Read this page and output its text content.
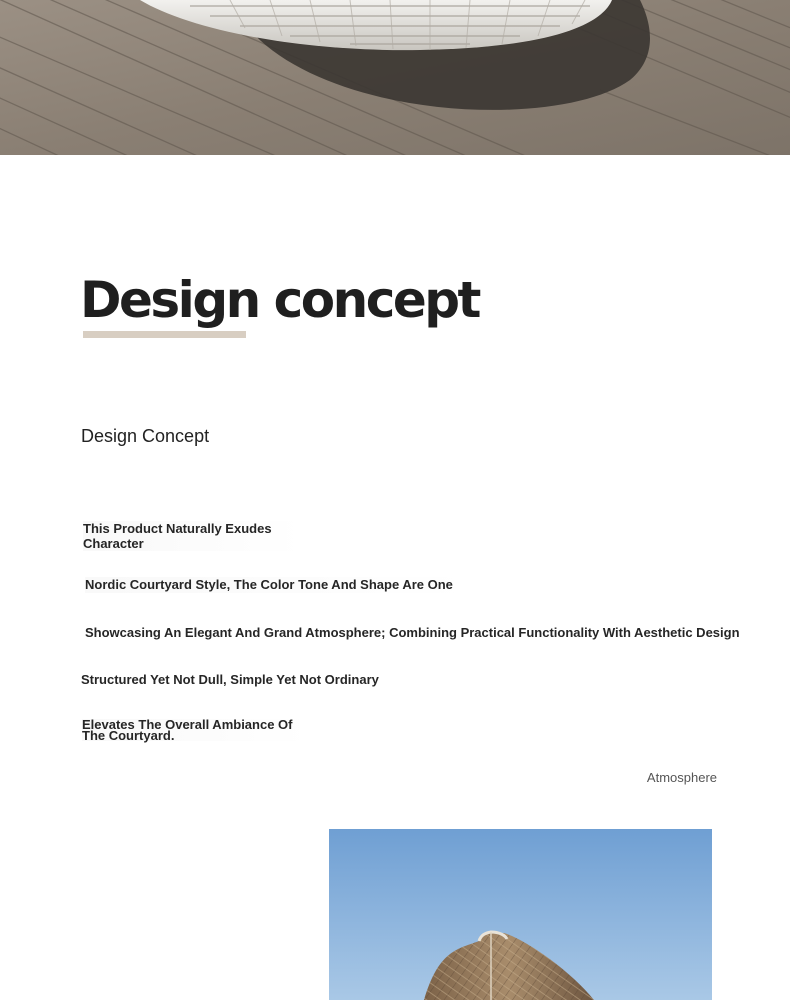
Design concept
Design Concept
This Product Naturally Exudes Character
Nordic Courtyard Style, The Color Tone And Shape Are One
Showcasing An Elegant And Grand Atmosphere; Combining Practical Functionality With Aesthetic Design
Structured Yet Not Dull, Simple Yet Not Ordinary
Elevates The Overall Ambiance Of The Courtyard.
Atmosphere
